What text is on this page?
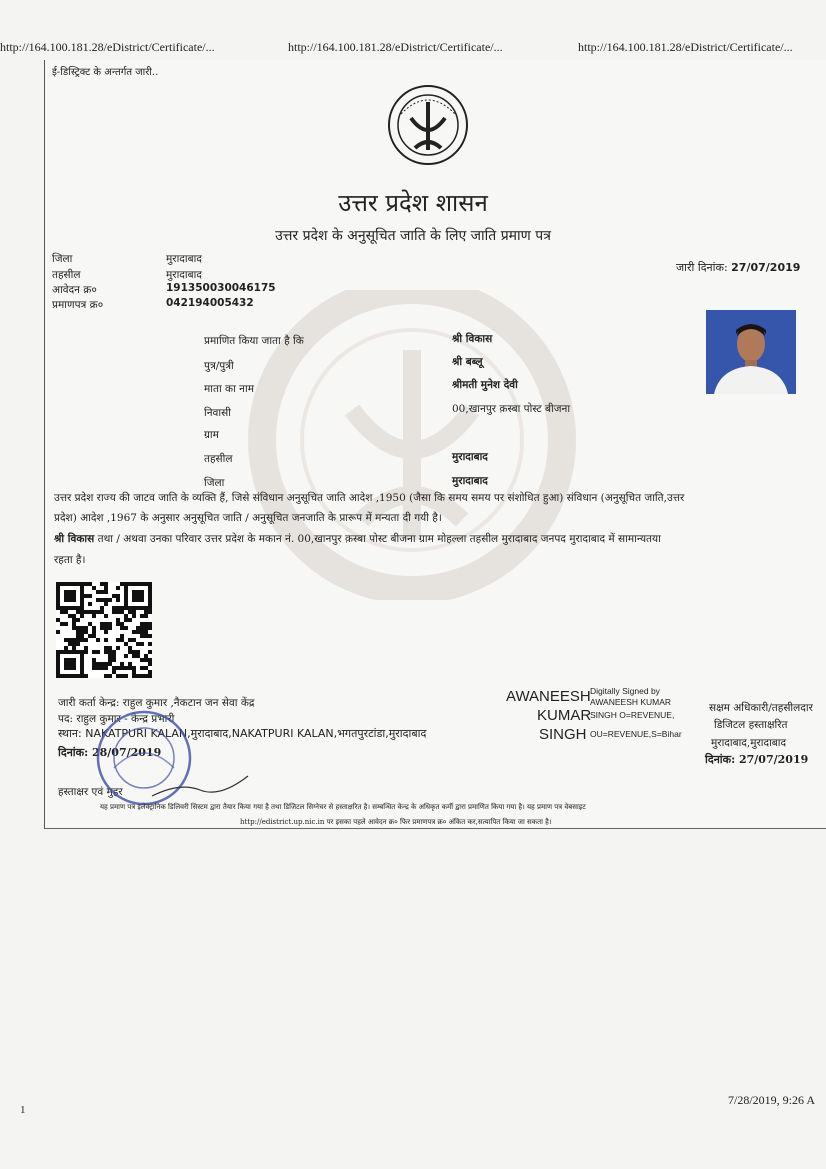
http://164.100.181.28/eDistrict/Certificate/...	http://164.100.181.28/eDistrict/Certificate/...	http://164.100.181.28/eDistrict/Certificate/...
ई-डिस्ट्रिक्ट के अन्तर्गत जारी..
उत्तर प्रदेश शासन
उत्तर प्रदेश के अनुसूचित जाति के लिए जाति प्रमाण पत्र
जिला	मुरादाबाद
तहसील	मुरादाबाद
आवेदन क्र०	191350030046175
प्रमाणपत्र क्र०	042194005432
जारी दिनांक: 27/07/2019
प्रमाणित किया जाता है कि	श्री विकास
पुत्र/पुत्री	श्री बब्लू
माता का नाम	श्रीमती मुनेश देवी
निवासी	00,खानपुर क़स्बा पोस्ट बीजना
ग्राम
तहसील	मुरादाबाद
जिला	मुरादाबाद
उत्तर प्रदेश राज्य की जाटव जाति के व्यक्ति हैं, जिसे संविधान अनुसूचित जाति आदेश ,1950 (जैसा कि समय समय पर संशोधित हुआ) संविधान (अनुसूचित जाति,उत्तर
प्रदेश) आदेश ,1967 के अनुसार अनुसूचित जाति / अनुसूचित जनजाति के प्रारूप में मन्यता दी गयी है।
श्री विकास तथा / अथवा उनका परिवार उत्तर प्रदेश के मकान नं. 00,खानपुर क़स्बा पोस्ट बीजना ग्राम मोहल्ला तहसील मुरादाबाद जनपद मुरादाबाद में सामान्यतया
रहता है।
जारी कर्ता केन्द्र: राहुल कुमार ,नैकटान जन सेवा केंद्र
पद: राहुल कुमार - केन्द्र प्रभारी
स्थान: NAKATPURI KALAN,मुरादाबाद,NAKATPURI KALAN,भगतपुरटांडा,मुरादाबाद
दिनांक: 28/07/2019
हस्ताक्षर एवं मुहर
AWANEESH
KUMAR
SINGH
Digitally Signed by
AWANEESH KUMAR
SINGH O=REVENUE,
OU=REVENUE,S=Bihar
सक्षम अधिकारी/तहसीलदार
डिजिटल हस्ताक्षरित
मुरादाबाद,मुरादाबाद
दिनांक: 27/07/2019
यह प्रमाण पत्र इलेक्ट्रानिक डिलिवरी सिस्टम द्वारा तैयार किया गया है तथा डिजिटल सिग्नेचर से हस्ताक्षरित है। सम्बन्धित केन्द्र के अधिकृत कर्मी द्वारा प्रमाणित किया गया है। यह प्रमाण पत्र वेबसाइट
http://edistrict.up.nic.in पर इसका पहले आवेदन क्र० फिर प्रमाणपत्र क्र० अंकित कर,सत्यापित किया जा सकता है।
1
7/28/2019, 9:26 A
